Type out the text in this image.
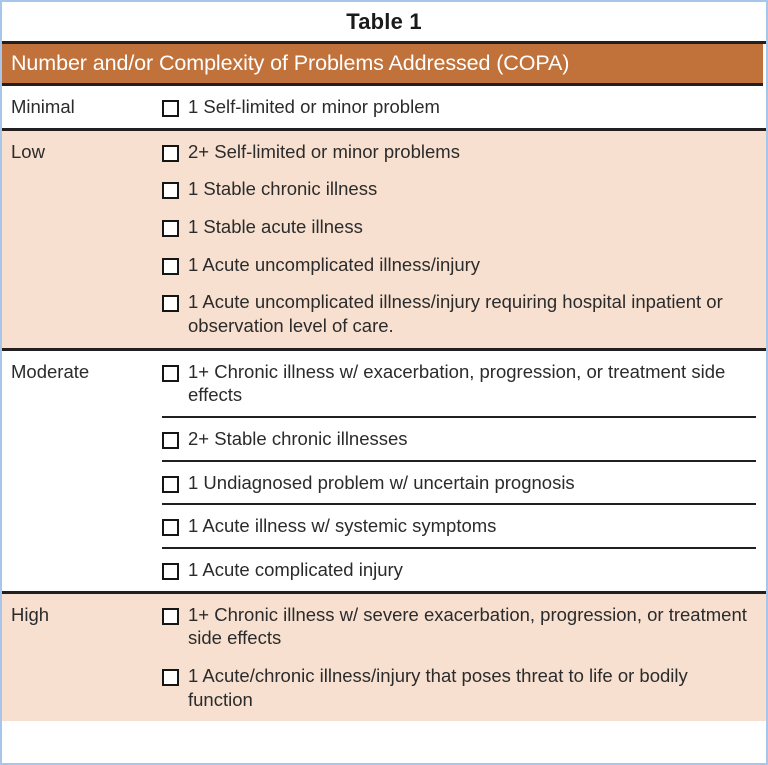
Table 1
Number and/or Complexity of Problems Addressed (COPA)
Minimal	1 Self-limited or minor problem
Low	2+ Self-limited or minor problems
1 Stable chronic illness
1 Stable acute illness
1 Acute uncomplicated illness/injury
1 Acute uncomplicated illness/injury requiring hospital inpatient or observation level of care.
Moderate	1+ Chronic illness w/ exacerbation, progression, or treatment side effects
2+ Stable chronic illnesses
1 Undiagnosed problem w/ uncertain prognosis
1 Acute illness w/ systemic symptoms
1 Acute complicated injury
High	1+ Chronic illness w/ severe exacerbation, progression, or treatment side effects
1 Acute/chronic illness/injury that poses threat to life or bodily function
